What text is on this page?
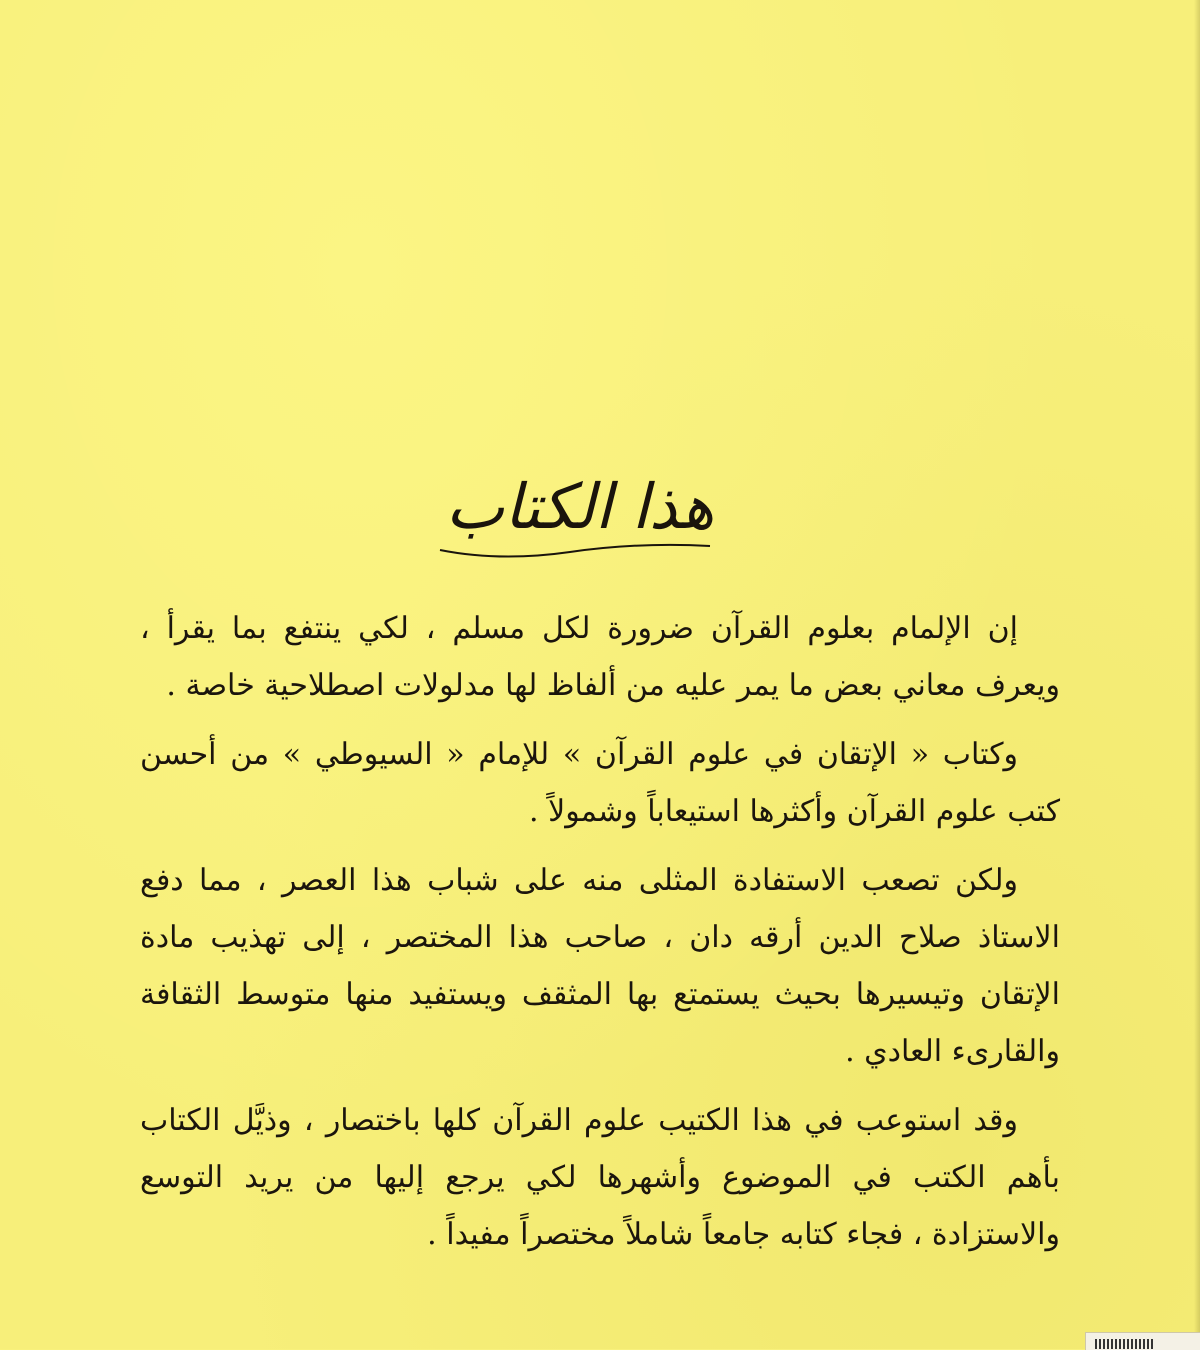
هذا الكتاب

إن الإلمام بعلوم القرآن ضرورة لكل مسلم ، لكي ينتفع بما يقرأ ، ويعرف معاني بعض ما يمر عليه من ألفاظ لها مدلولات اصطلاحية خاصة .

وكتاب « الإتقان في علوم القرآن » للإمام « السيوطي » من أحسن كتب علوم القرآن وأكثرها استيعاباً وشمولاً .

ولكن تصعب الاستفادة المثلى منه على شباب هذا العصر ، مما دفع الاستاذ صلاح الدين أرقه دان ، صاحب هذا المختصر ، إلى تهذيب مادة الإتقان وتيسيرها بحيث يستمتع بها المثقف ويستفيد منها متوسط الثقافة والقارىء العادي .

وقد استوعب في هذا الكتيب علوم القرآن كلها باختصار ، وذيَّل الكتاب بأهم الكتب في الموضوع وأشهرها لكي يرجع إليها من يريد التوسع والاستزادة ، فجاء كتابه جامعاً شاملاً مختصراً مفيداً .
